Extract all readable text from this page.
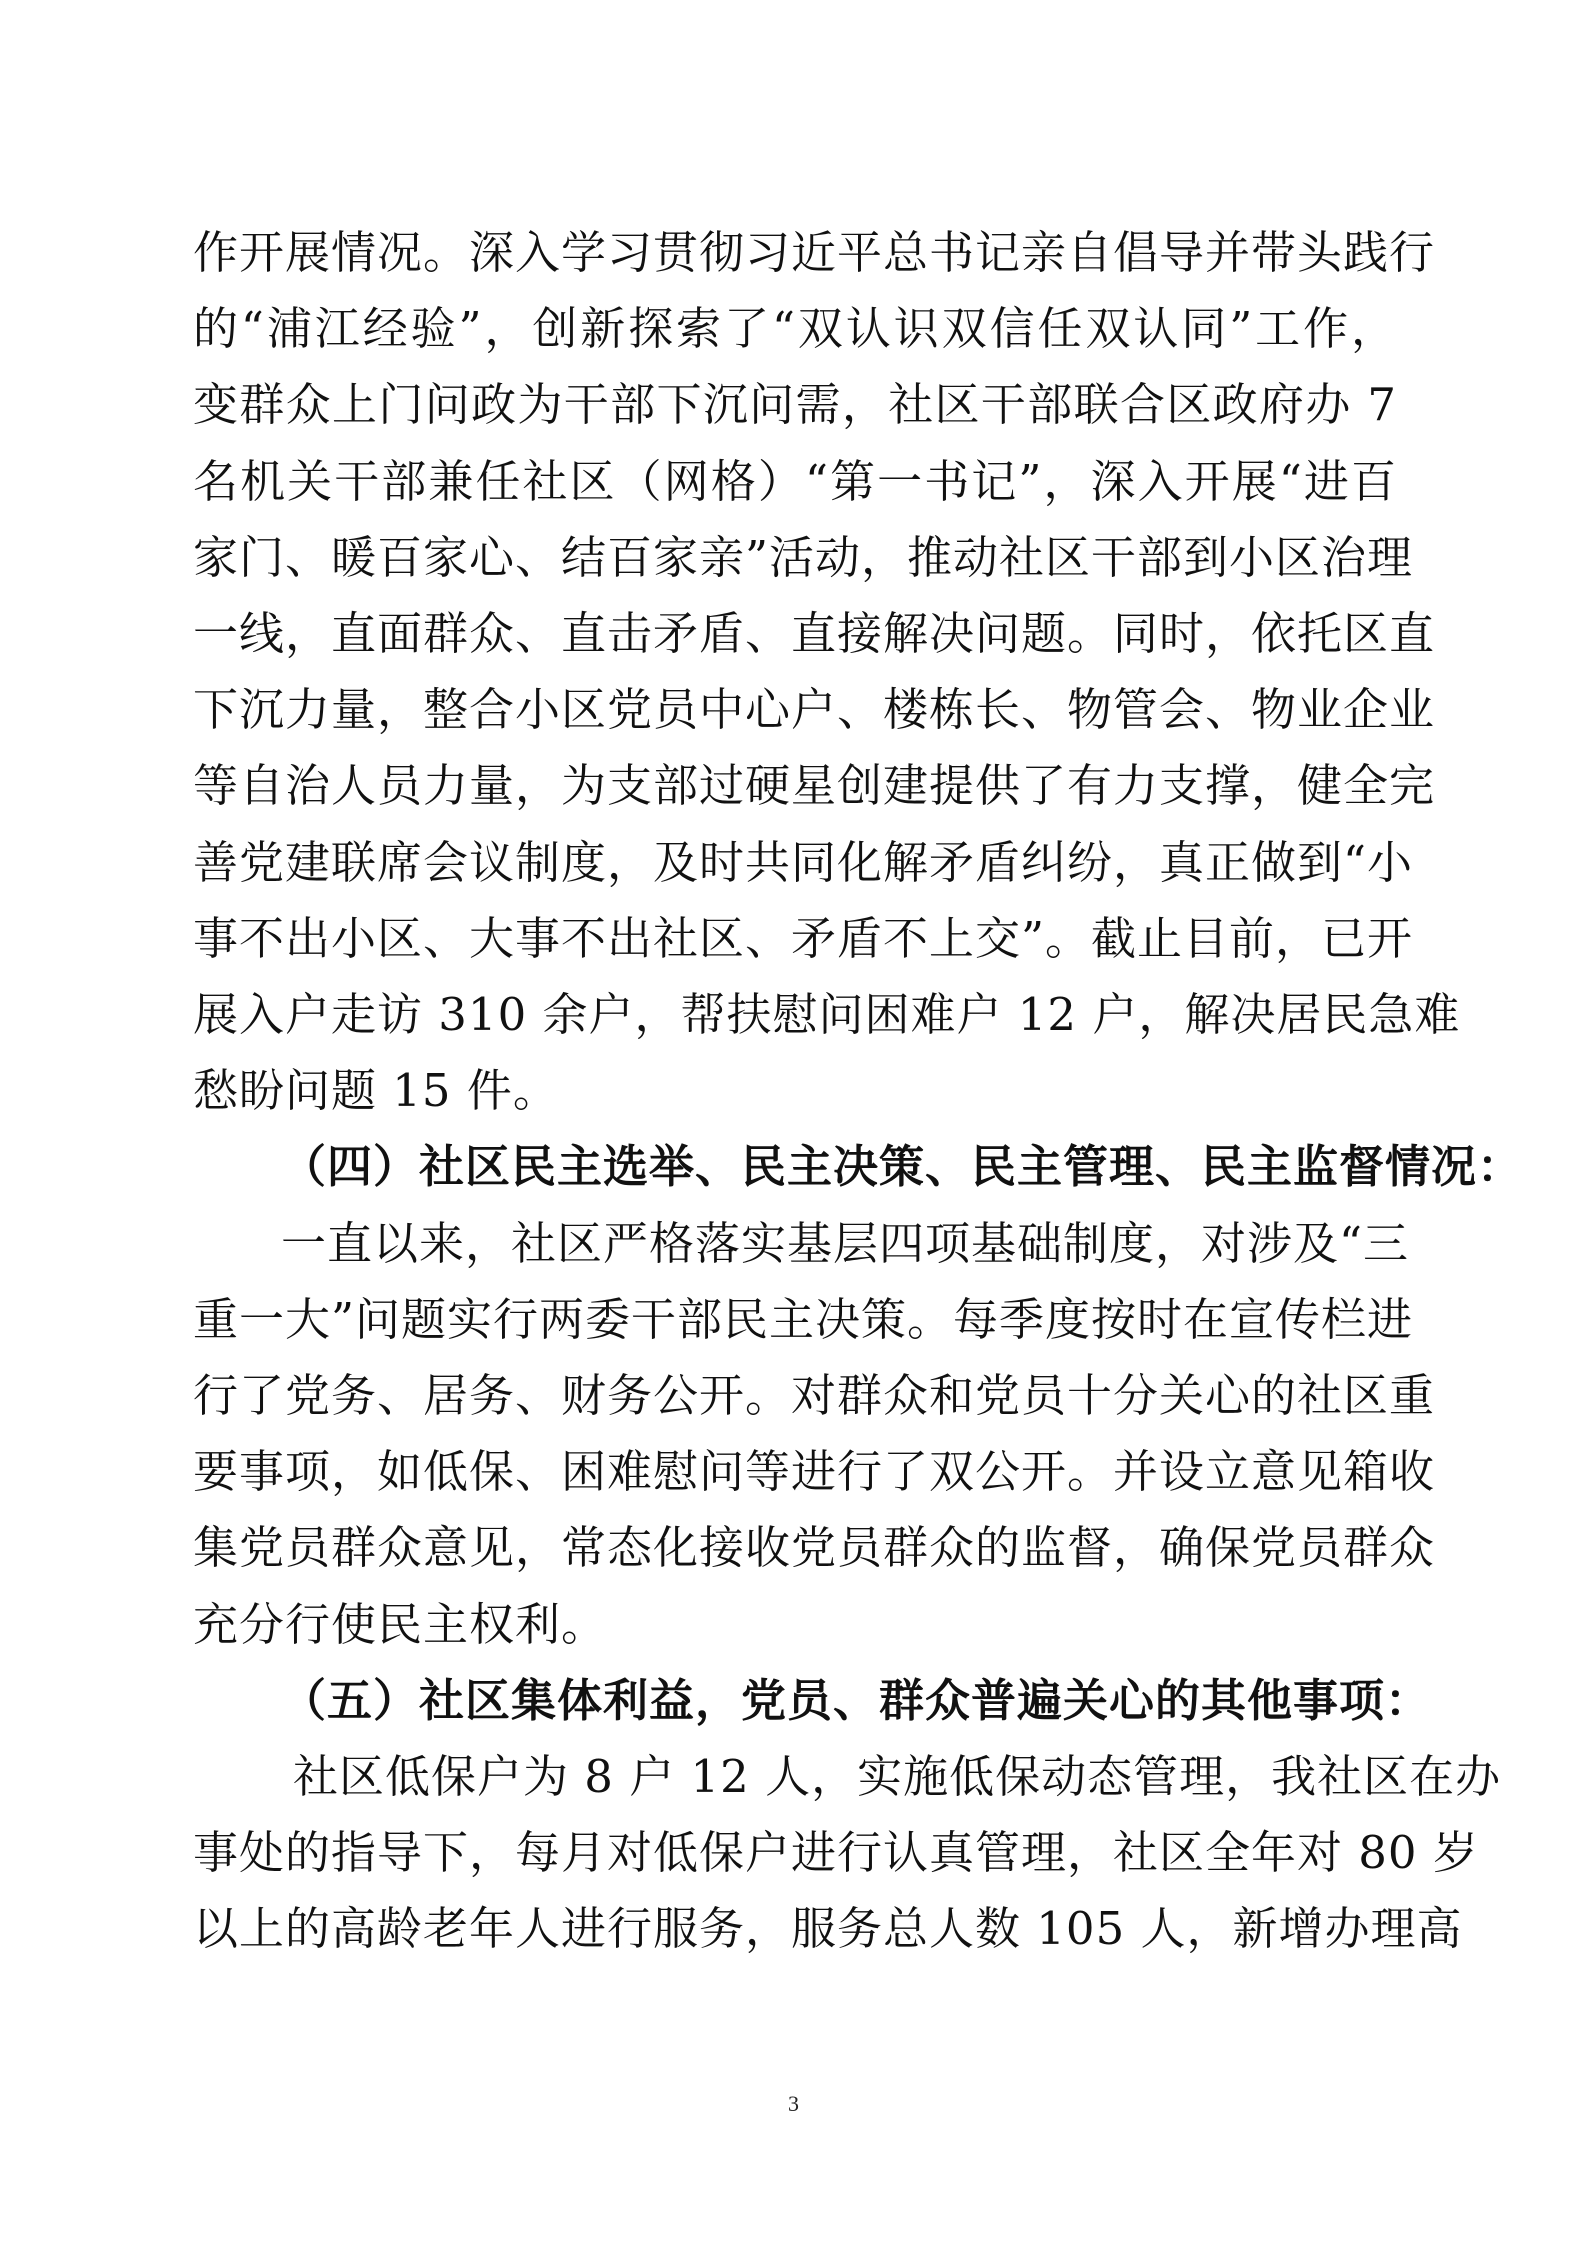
作开展情况。深入学习贯彻习近平总书记亲自倡导并带头践行
的“浦江经验”，创新探索了“双认识双信任双认同”工作，
变群众上门问政为干部下沉问需，社区干部联合区政府办 7
名机关干部兼任社区（网格）“第一书记”，深入开展“进百
家门、暖百家心、结百家亲”活动，推动社区干部到小区治理
一线，直面群众、直击矛盾、直接解决问题。同时，依托区直
下沉力量，整合小区党员中心户、楼栋长、物管会、物业企业
等自治人员力量，为支部过硬星创建提供了有力支撑，健全完
善党建联席会议制度，及时共同化解矛盾纠纷，真正做到“小
事不出小区、大事不出社区、矛盾不上交”。截止目前，已开
展入户走访 310 余户，帮扶慰问困难户 12 户，解决居民急难
愁盼问题 15 件。
（四）社区民主选举、民主决策、民主管理、民主监督情况：
一直以来，社区严格落实基层四项基础制度，对涉及“三
重一大”问题实行两委干部民主决策。每季度按时在宣传栏进
行了党务、居务、财务公开。对群众和党员十分关心的社区重
要事项，如低保、困难慰问等进行了双公开。并设立意见箱收
集党员群众意见，常态化接收党员群众的监督，确保党员群众
充分行使民主权利。
（五）社区集体利益，党员、群众普遍关心的其他事项：
社区低保户为 8 户 12 人，实施低保动态管理，我社区在办
事处的指导下，每月对低保户进行认真管理，社区全年对 80 岁
以上的高龄老年人进行服务，服务总人数 105 人，新增办理高
3
